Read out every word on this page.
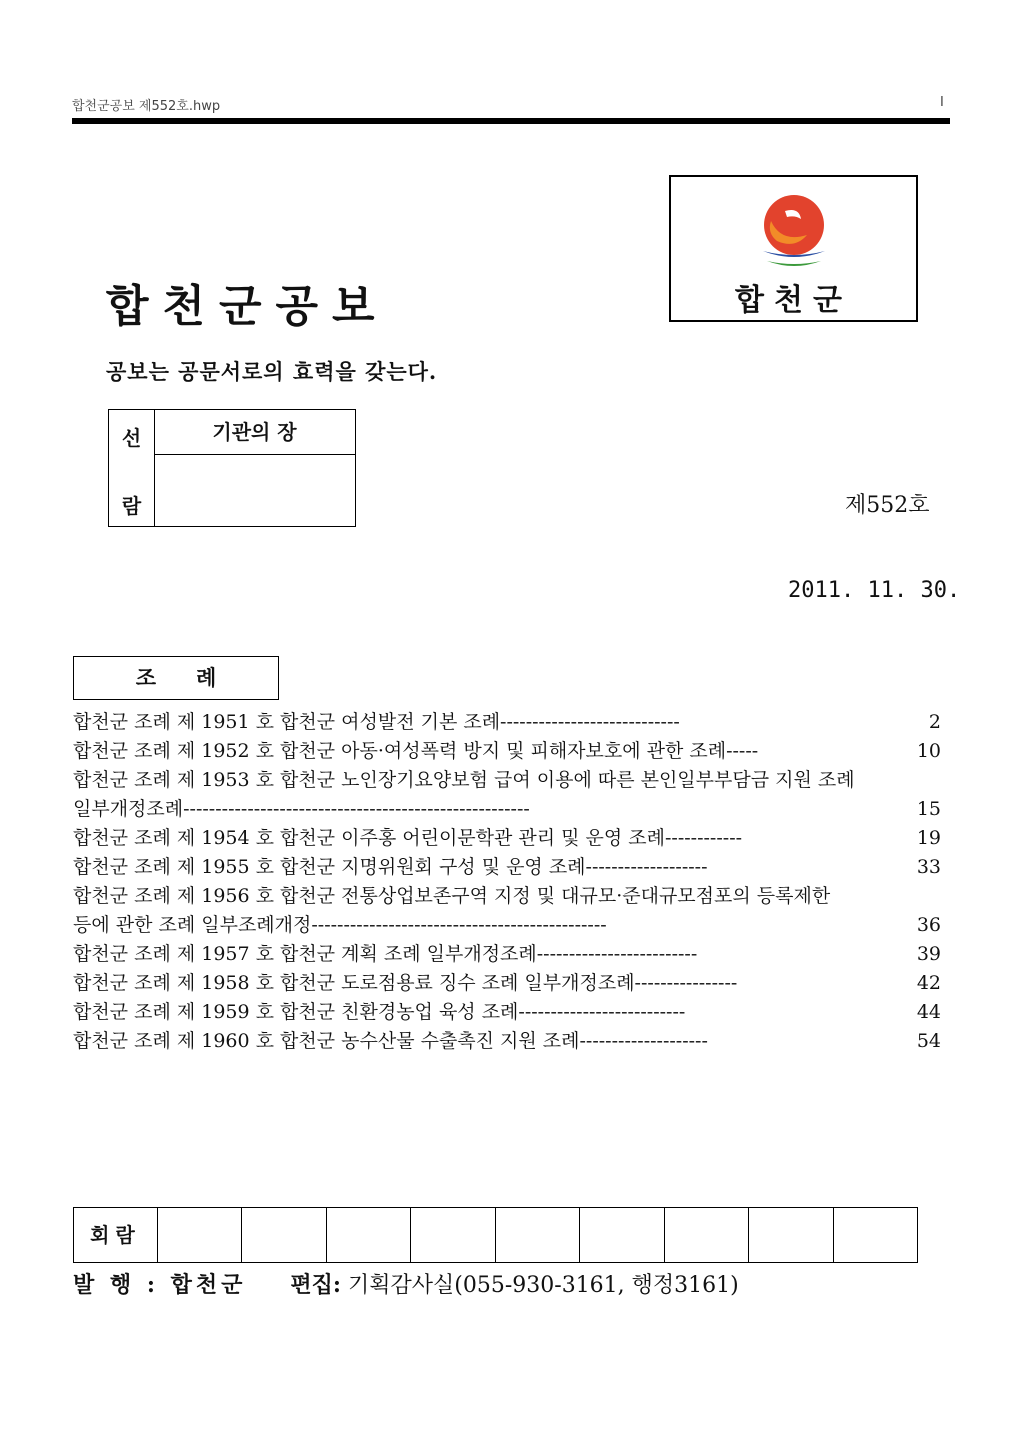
합천군공보 제552호.hwp	I
합천군공보
공보는 공문서로의 효력을 갖는다.
합천군
선
람
기관의 장
제552호
2011. 11. 30.
조례
합천군 조례 제 1951 호 합천군 여성발전 기본 조례----------------------------	2
합천군 조례 제 1952 호 합천군 아동·여성폭력 방지 및 피해자보호에 관한 조례-----	10
합천군 조례 제 1953 호 합천군 노인장기요양보험 급여 이용에 따른 본인일부부담금 지원 조례
일부개정조례------------------------------------------------------	15
합천군 조례 제 1954 호 합천군 이주홍 어린이문학관 관리 및 운영 조례------------	19
합천군 조례 제 1955 호 합천군 지명위원회 구성 및 운영 조례-------------------	33
합천군 조례 제 1956 호 합천군 전통상업보존구역 지정 및 대규모·준대규모점포의 등록제한
등에 관한 조례 일부조례개정----------------------------------------------	36
합천군 조례 제 1957 호 합천군 계획 조례 일부개정조례-------------------------	39
합천군 조례 제 1958 호 합천군 도로점용료 징수 조례 일부개정조례----------------	42
합천군 조례 제 1959 호 합천군 친환경농업 육성 조례--------------------------	44
합천군 조례 제 1960 호 합천군 농수산물 수출촉진 지원 조례--------------------	54
회람
발 행 : 합천군 편집: 기획감사실(055-930-3161, 행정3161)
